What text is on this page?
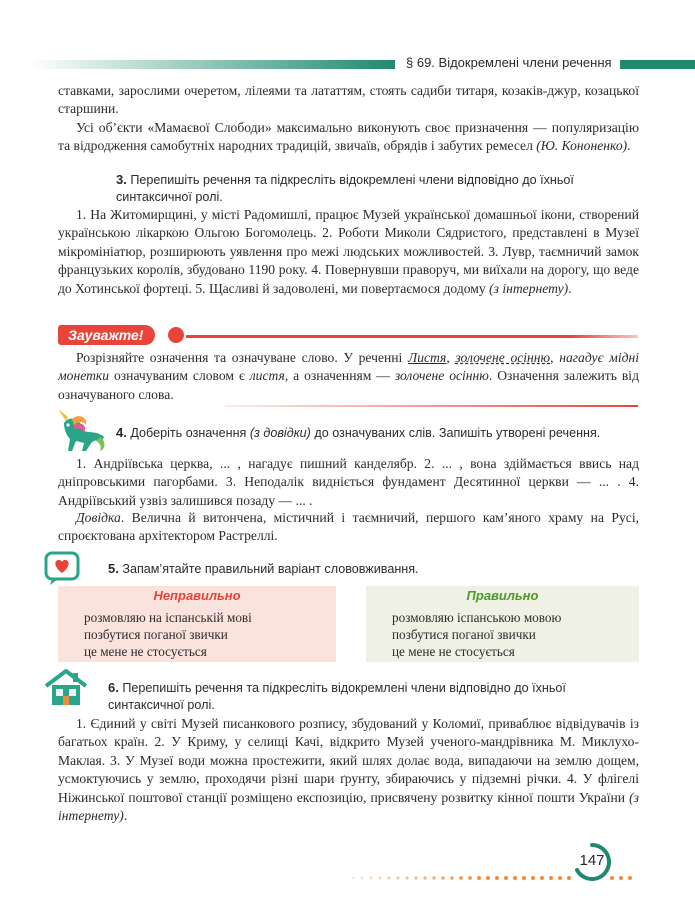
§ 69. Відокремлені члени речення

ставками, зарослими очеретом, лілеями та лататтям, стоять садиби титаря, козаків-джур, козацької старшини.

Усі об’єкти «Мамаєвої Слободи» максимально виконують своє призначення — популяризацію та відродження самобутніх народних традицій, звичаїв, обрядів і забутих ремесел (Ю. Кононенко).

3. Перепишіть речення та підкресліть відокремлені члени відповідно до їхньої синтаксичної ролі.

1. На Житомирщині, у місті Радомишлі, працює Музей української домашньої ікони, створений українською лікаркою Ольгою Богомолець. 2. Роботи Миколи Сядристого, представлені в Музеї мікромініатюр, розширюють уявлення про межі людських можливостей. 3. Лувр, таємничий замок французьких королів, збудовано 1190 року. 4. Повернувши праворуч, ми виїхали на дорогу, що веде до Хотинської фортеці. 5. Щасливі й задоволені, ми повертаємося додому (з інтернету).

Зауважте!

Розрізняйте означення та означуване слово. У реченні Листя, золочене осінню, нагадує мідні монетки означуваним словом є листя, а означенням — золочене осінню. Означення залежить від означуваного слова.

4. Доберіть означення (з довідки) до означуваних слів. Запишіть утворені речення.

1. Андріївська церква, ... , нагадує пишний канделябр. 2. ... , вона здіймається ввись над дніпровськими пагорбами. 3. Неподалік видніється фундамент Десятинної церкви — ... . 4. Андріївський узвіз залишився позаду — ... .

Довідка. Велична й витончена, містичний і таємничий, першого кам’яного храму на Русі, спроєктована архітектором Растреллі.

5. Запам’ятайте правильний варіант слововживання.
Неправильно
розмовляю на іспанській мові
позбутися поганої звички
це мене не стосується
Правильно
розмовляю іспанською мовою
позбутися поганої звички
це мене не стосується
6. Перепишіть речення та підкресліть відокремлені члени відповідно до їхньої синтаксичної ролі.

1. Єдиний у світі Музей писанкового розпису, збудований у Коломиї, приваблює відвідувачів із багатьох країн. 2. У Криму, у селищі Качі, відкрито Музей ученого-мандрівника М. Миклухо-Маклая. 3. У Музеї води можна простежити, який шлях долає вода, випадаючи на землю дощем, усмоктуючись у землю, проходячи різні шари ґрунту, збираючись у підземні річки. 4. У флігелі Ніжинської поштової станції розміщено експозицію, присвячену розвитку кінної пошти України (з інтернету).

147
